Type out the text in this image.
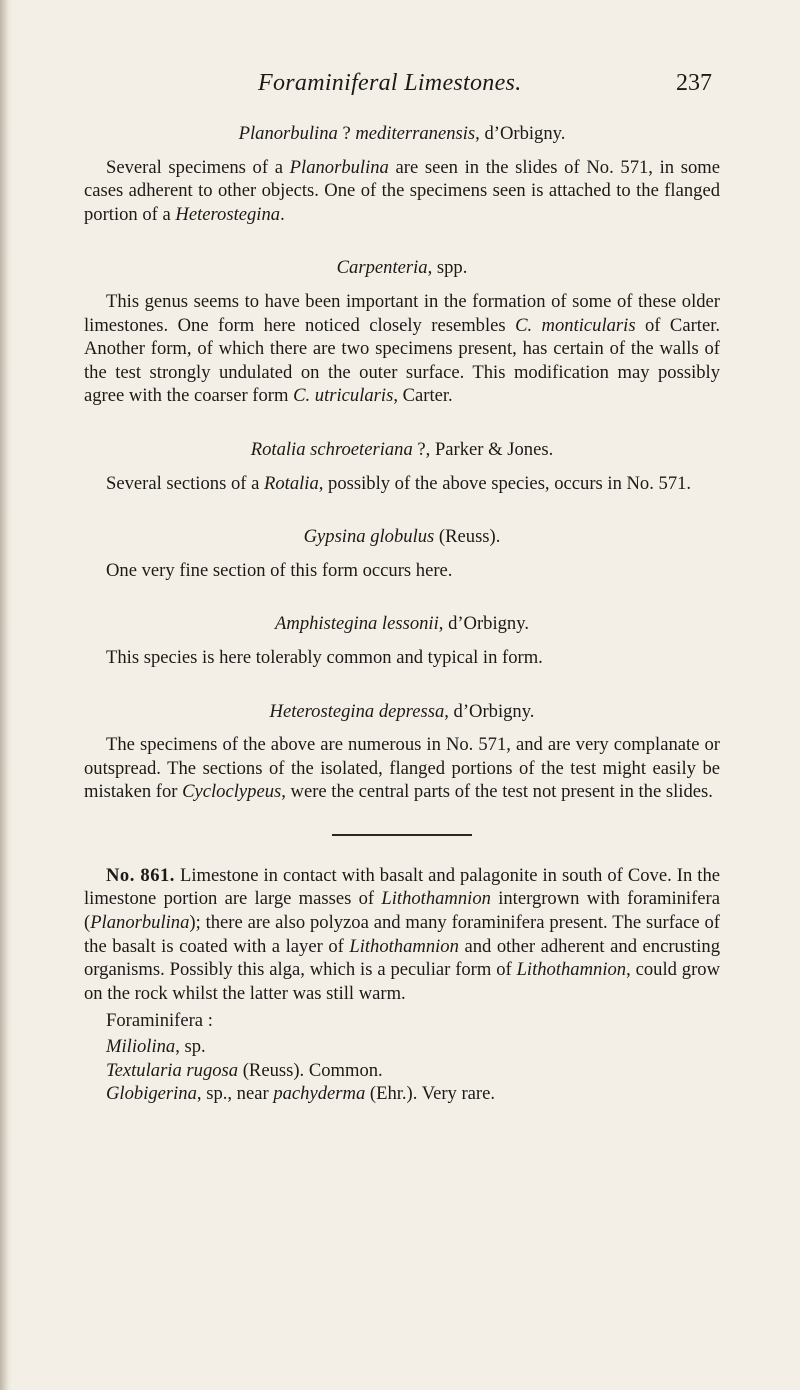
Foraminiferal Limestones.	237
Planorbulina ? mediterranensis, d’Orbigny.

Several specimens of a Planorbulina are seen in the slides of No. 571, in some cases adherent to other objects. One of the specimens seen is attached to the flanged portion of a Heterostegina.

Carpenteria, spp.

This genus seems to have been important in the formation of some of these older limestones. One form here noticed closely resembles C. monticularis of Carter. Another form, of which there are two specimens present, has certain of the walls of the test strongly undulated on the outer surface. This modification may possibly agree with the coarser form C. utricularis, Carter.

Rotalia schroeteriana ?, Parker & Jones.

Several sections of a Rotalia, possibly of the above species, occurs in No. 571.

Gypsina globulus (Reuss).

One very fine section of this form occurs here.

Amphistegina lessonii, d’Orbigny.

This species is here tolerably common and typical in form.

Heterostegina depressa, d’Orbigny.

The specimens of the above are numerous in No. 571, and are very complanate or outspread. The sections of the isolated, flanged portions of the test might easily be mistaken for Cycloclypeus, were the central parts of the test not present in the slides.

No. 861. Limestone in contact with basalt and palagonite in south of Cove. In the limestone portion are large masses of Lithothamnion intergrown with foraminifera (Planorbulina); there are also polyzoa and many foraminifera present. The surface of the basalt is coated with a layer of Lithothamnion and other adherent and encrusting organisms. Possibly this alga, which is a peculiar form of Lithothamnion, could grow on the rock whilst the latter was still warm.

Foraminifera :

Miliolina, sp.
Textularia rugosa (Reuss). Common.
Globigerina, sp., near pachyderma (Ehr.). Very rare.
